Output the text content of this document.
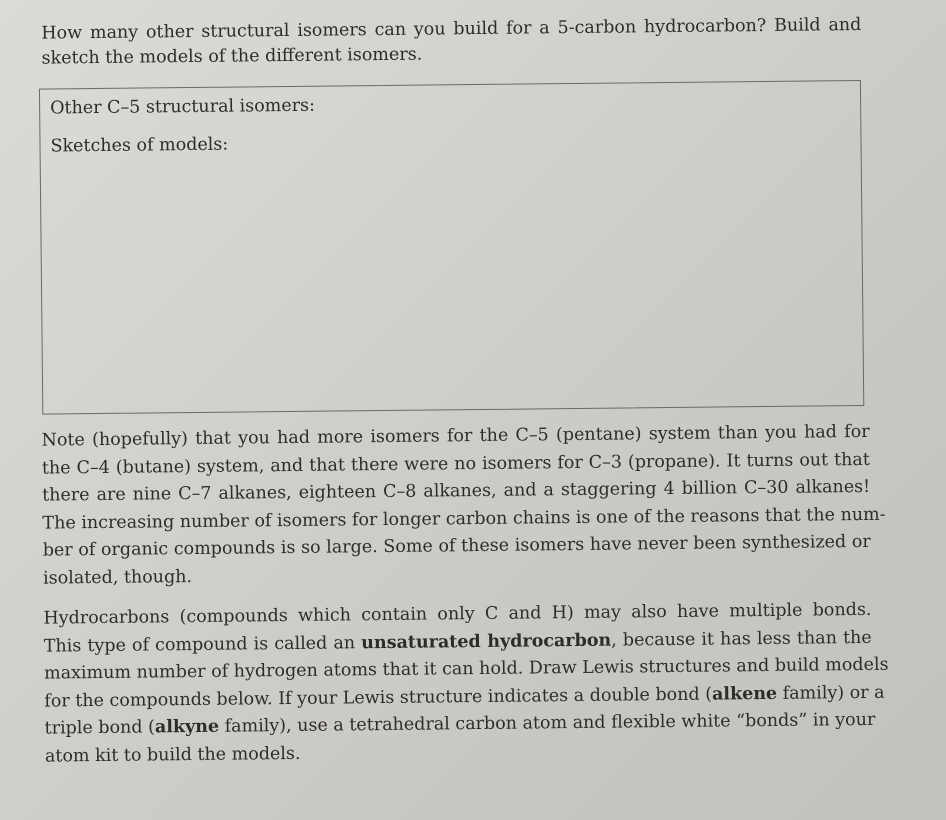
How many other structural isomers can you build for a 5-carbon hydrocarbon? Build and
sketch the models of the different isomers.
Other C–5 structural isomers:
Sketches of models:
Note (hopefully) that you had more isomers for the C–5 (pentane) system than you had for
the C–4 (butane) system, and that there were no isomers for C–3 (propane). It turns out that
there are nine C–7 alkanes, eighteen C–8 alkanes, and a staggering 4 billion C–30 alkanes!
The increasing number of isomers for longer carbon chains is one of the reasons that the num-
ber of organic compounds is so large. Some of these isomers have never been synthesized or
isolated, though.
Hydrocarbons (compounds which contain only C and H) may also have multiple bonds.
This type of compound is called an unsaturated hydrocarbon, because it has less than the
maximum number of hydrogen atoms that it can hold. Draw Lewis structures and build models
for the compounds below. If your Lewis structure indicates a double bond (alkene family) or a
triple bond (alkyne family), use a tetrahedral carbon atom and flexible white “bonds” in your
atom kit to build the models.
